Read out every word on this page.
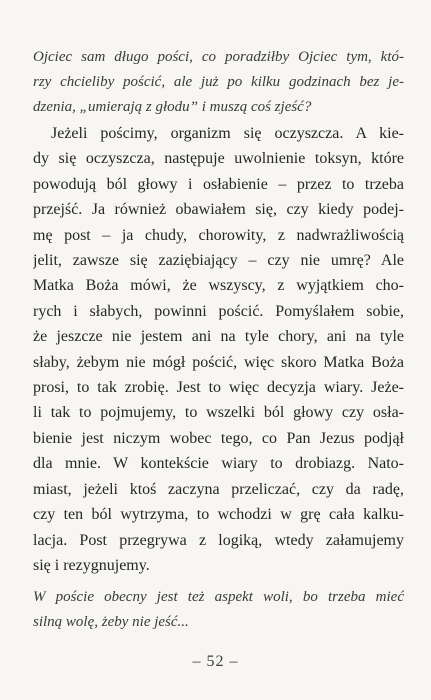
Ojciec sam długo pości, co poradziłby Ojciec tym, któ-
rzy chcieliby pościć, ale już po kilku godzinach bez je-
dzenia, „umierają z głodu” i muszą coś zjeść?
Jeżeli pościmy, organizm się oczyszcza. A kie-
dy się oczyszcza, następuje uwolnienie toksyn, które
powodują ból głowy i osłabienie – przez to trzeba
przejść. Ja również obawiałem się, czy kiedy podej-
mę post – ja chudy, chorowity, z nadwrażliwością
jelit, zawsze się zaziębiający – czy nie umrę? Ale
Matka Boża mówi, że wszyscy, z wyjątkiem cho-
rych i słabych, powinni pościć. Pomyślałem sobie,
że jeszcze nie jestem ani na tyle chory, ani na tyle
słaby, żebym nie mógł pościć, więc skoro Matka Boża
prosi, to tak zrobię. Jest to więc decyzja wiary. Jeże-
li tak to pojmujemy, to wszelki ból głowy czy osła-
bienie jest niczym wobec tego, co Pan Jezus podjął
dla mnie. W kontekście wiary to drobiazg. Nato-
miast, jeżeli ktoś zaczyna przeliczać, czy da radę,
czy ten ból wytrzyma, to wchodzi w grę cała kalku-
lacja. Post przegrywa z logiką, wtedy załamujemy
się i rezygnujemy.
W poście obecny jest też aspekt woli, bo trzeba mieć
silną wolę, żeby nie jeść...
– 52 –
